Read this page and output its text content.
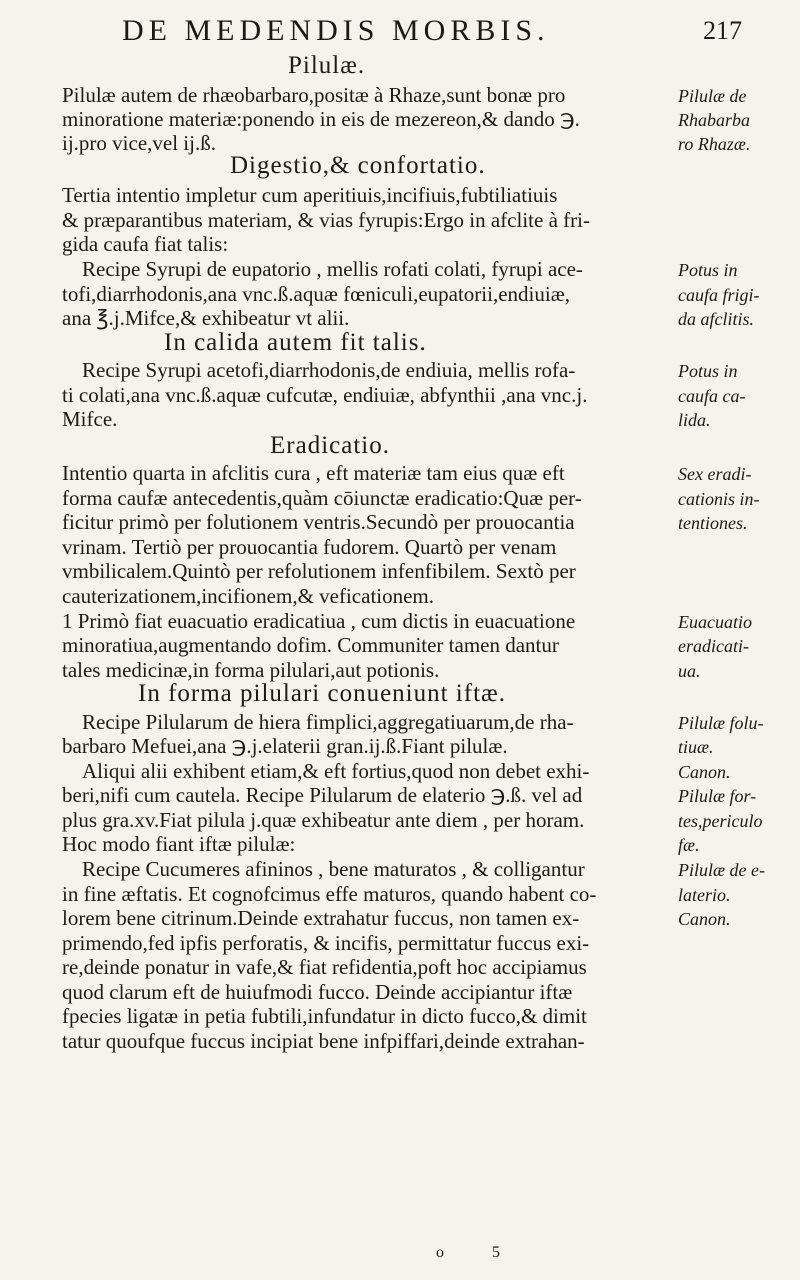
DE MEDENDIS MORBIS.	217
Pilulæ.
Pilulæ autem de rhæobarbaro,positæ à Rhaze,sunt bonæ pro
minoratione materiæ:ponendo in eis de mezereon,& dando ℈.
ij.pro vice,vel ij.ß.
Digestio,& confortatio.
Tertia intentio impletur cum aperitiuis,incifiuis,fubtiliatiuis
& præparantibus materiam, & vias fyrupis:Ergo in afclite à fri-
gida caufa fiat talis:
Recipe Syrupi de eupatorio , mellis rofati colati, fyrupi ace-
tofi,diarrhodonis,ana vnc.ß.aquæ fœniculi,eupatorii,endiuiæ,
ana ℥.j.Mifce,& exhibeatur vt alii.
In calida autem fit talis.
Recipe Syrupi acetofi,diarrhodonis,de endiuia, mellis rofa-
ti colati,ana vnc.ß.aquæ cufcutæ, endiuiæ, abfynthii ,ana vnc.j.
Mifce.
Eradicatio.
Intentio quarta in afclitis cura , eft materiæ tam eius quæ eft
forma caufæ antecedentis,quàm cōiunctæ eradicatio:Quæ per-
ficitur primò per folutionem ventris.Secundò per prouocantia
vrinam. Tertiò per prouocantia fudorem. Quartò per venam
vmbilicalem.Quintò per refolutionem infenfibilem. Sextò per
cauterizationem,incifionem,& veficationem.
1 Primò fiat euacuatio eradicatiua , cum dictis in euacuatione
minoratiua,augmentando dofim. Communiter tamen dantur
tales medicinæ,in forma pilulari,aut potionis.
In forma pilulari conueniunt iftæ.
Recipe Pilularum de hiera fimplici,aggregatiuarum,de rha-
barbaro Mefuei,ana ℈.j.elaterii gran.ij.ß.Fiant pilulæ.
Aliqui alii exhibent etiam,& eft fortius,quod non debet exhi-
beri,nifi cum cautela. Recipe Pilularum de elaterio ℈.ß. vel ad
plus gra.xv.Fiat pilula j.quæ exhibeatur ante diem , per horam.
Hoc modo fiant iftæ pilulæ:
Recipe Cucumeres afininos , bene maturatos , & colligantur
in fine æftatis. Et cognofcimus effe maturos, quando habent co-
lorem bene citrinum.Deinde extrahatur fuccus, non tamen ex-
primendo,fed ipfis perforatis, & incifis, permittatur fuccus exi-
re,deinde ponatur in vafe,& fiat refidentia,poft hoc accipiamus
quod clarum eft de huiufmodi fucco. Deinde accipiantur iftæ
fpecies ligatæ in petia fubtili,infundatur in dicto fucco,& dimit
tatur quoufque fuccus incipiat bene infpiffari,deinde extrahan-
Pilulæ de
Rhabarba
ro Rhazæ.
Potus in
caufa frigi-
da afclitis.
Potus in
caufa ca-
lida.
Sex eradi-
cationis in-
tentiones.
Euacuatio
eradicati-
ua.
Pilulæ folu-
tiuæ.
Canon.
Pilulæ for-
tes,periculo
fæ.
Pilulæ de e-
laterio.
Canon.
o 5
